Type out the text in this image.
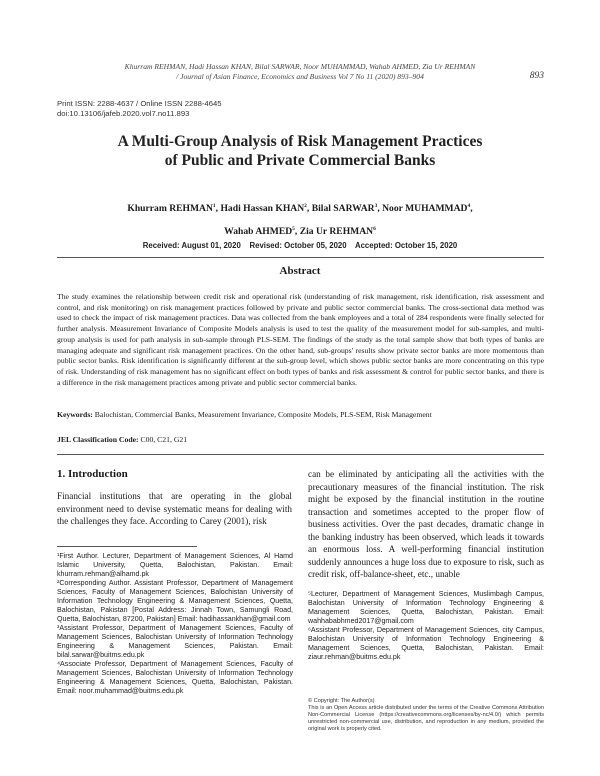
Khurram REHMAN, Hadi Hassan KHAN, Bilal SARWAR, Noor MUHAMMAD, Wahab AHMED, Zia Ur REHMAN
/ Journal of Asian Finance, Economics and Business Vol 7 No 11 (2020) 893–904	893
Print ISSN: 2288-4637 / Online ISSN 2288-4645
doi:10.13106/jafeb.2020.vol7.no11.893
A Multi-Group Analysis of Risk Management Practices
of Public and Private Commercial Banks
Khurram REHMAN$^1$, Hadi Hassan KHAN$^2$, Bilal SARWAR$^3$, Noor MUHAMMAD$^4$,
Wahab AHMED$^5$, Zia Ur REHMAN$^6$
Received: August 01, 2020 Revised: October 05, 2020 Accepted: October 15, 2020
Abstract
The study examines the relationship between credit risk and operational risk (understanding of risk management, risk identification, risk assessment and control, and risk monitoring) on risk management practices followed by private and public sector commercial banks. The cross-sectional data method was used to check the impact of risk management practices. Data was collected from the bank employees and a total of 284 respondents were finally selected for further analysis. Measurement Invariance of Composite Models analysis is used to test the quality of the measurement model for sub-samples, and multi-group analysis is used for path analysis in sub-sample through PLS-SEM. The findings of the study as the total sample show that both types of banks are managing adequate and significant risk management practices. On the other hand, sub-groups' results show private sector banks are more momentous than public sector banks. Risk identification is significantly different at the sub-group level, which shows public sector banks are more concentrating on this type of risk. Understanding of risk management has no significant effect on both types of banks and risk assessment & control for public sector banks, and there is a difference in the risk management practices among private and public sector commercial banks.
Keywords: Balochistan, Commercial Banks, Measurement Invariance, Composite Models, PLS-SEM, Risk Management
JEL Classification Code: C00, C21, G21
1. Introduction
Financial institutions that are operating in the global environment need to devise systematic means for dealing with the challenges they face. According to Carey (2001), risk
can be eliminated by anticipating all the activities with the precautionary measures of the financial institution. The risk might be exposed by the financial institution in the routine transaction and sometimes accepted to the proper flow of business activities. Over the past decades, dramatic change in the banking industry has been observed, which leads it towards an enormous loss. A well-performing financial institution suddenly announces a huge loss due to exposure to risk, such as credit risk, off-balance-sheet, etc., unable

¹First Author. Lecturer, Department of Management Sciences, Al Hamd Islamic University, Quetta, Balochistan, Pakistan. Email: khurram.rehman@alhamd.pk

²Corresponding Author. Assistant Professor, Department of Management Sciences, Faculty of Management Sciences, Balochistan University of Information Technology Engineering & Management Sciences, Quetta, Balochistan, Pakistan [Postal Address: Jinnah Town, Samungli Road, Quetta, Balochistan, 87200, Pakistan] Email: hadihassankhan@gmail.com

³Assistant Professor, Department of Management Sciences, Faculty of Management Sciences, Balochistan University of Information Technology Engineering & Management Sciences, Pakistan. Email: bilal.sarwar@buitms.edu.pk

⁴Associate Professor, Department of Management Sciences, Faculty of Management Sciences, Balochistan University of Information Technology Engineering & Management Sciences, Quetta, Balochistan, Pakistan. Email: noor.muhammad@buitms.edu.pk

⁵Lecturer, Department of Management Sciences, Muslimbagh Campus, Balochistan University of Information Technology Engineering & Management Sciences, Quetta, Balochistan, Pakistan. Email: wahhababhmed2017@gmail.com

⁶Assistant Professor, Department of Management Sciences, city Campus, Balochistan University of Information Technology Engineering & Management Sciences, Quetta, Balochistan, Pakistan. Email: ziaur.rehman@buitms.edu.pk

© Copyright: The Author(s)
This is an Open Access article distributed under the terms of the Creative Commons Attribution Non-Commercial License (https://creativecommons.org/licenses/by-nc/4.0/) which permits unrestricted non-commercial use, distribution, and reproduction in any medium, provided the original work is properly cited.
